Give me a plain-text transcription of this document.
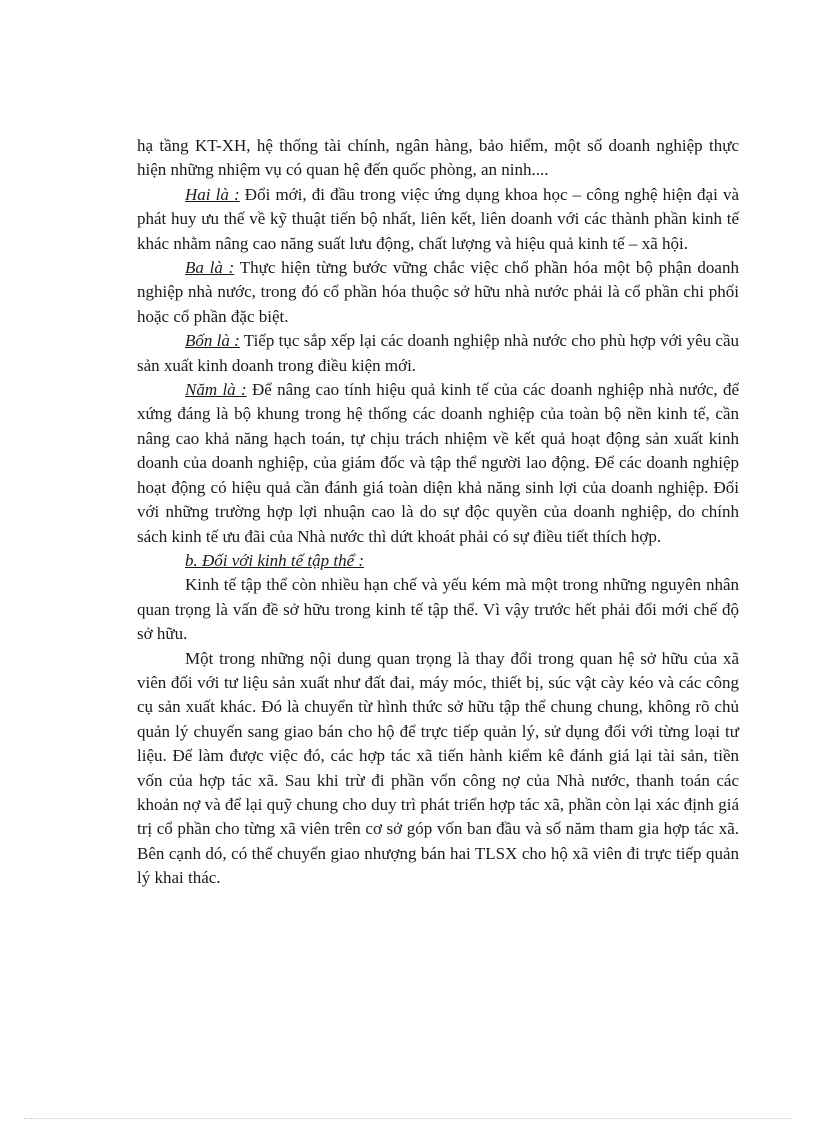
hạ tầng KT-XH, hệ thống tài chính, ngân hàng, bảo hiểm, một số doanh nghiệp thực hiện những nhiệm vụ có quan hệ đến quốc phòng, an ninh....

Hai là : Đổi mới, đi đầu trong việc ứng dụng khoa học – công nghệ hiện đại và phát huy ưu thế về kỹ thuật tiến bộ nhất, liên kết, liên doanh với các thành phần kinh tế khác nhằm nâng cao năng suất lưu động, chất lượng và hiệu quả kinh tế – xã hội.

Ba là : Thực hiện từng bước vững chắc việc chổ phần hóa một bộ phận doanh nghiệp nhà nước, trong đó cổ phần hóa thuộc sở hữu nhà nước phải là cổ phần chi phối hoặc cổ phần đặc biệt.

Bốn là : Tiếp tục sắp xếp lại các doanh nghiệp nhà nước cho phù hợp với yêu cầu sản xuất kinh doanh trong điều kiện mới.

Năm là : Để nâng cao tính hiệu quả kinh tế của các doanh nghiệp nhà nước, để xứng đáng là bộ khung trong hệ thống các doanh nghiệp của toàn bộ nền kinh tế, cần nâng cao khả năng hạch toán, tự chịu trách nhiệm về kết quả hoạt động sản xuất kinh doanh của doanh nghiệp, của giám đốc và tập thể người lao động. Để các doanh nghiệp hoạt động có hiệu quả cần đánh giá toàn diện khả năng sinh lợi của doanh nghiệp. Đối với những trường hợp lợi nhuận cao là do sự độc quyền của doanh nghiệp, do chính sách kinh tế ưu đãi của Nhà nước thì dứt khoát phải có sự điều tiết thích hợp.

b. Đối với kinh tế tập thể :

Kinh tế tập thể còn nhiều hạn chế và yếu kém mà một trong những nguyên nhân quan trọng là vấn đề sở hữu trong kinh tế tập thể. Vì vậy trước hết phải đổi mới chế độ sở hữu.

Một trong những nội dung quan trọng là thay đổi trong quan hệ sở hữu của xã viên đối với tư liệu sản xuất như đất đai, máy móc, thiết bị, súc vật cày kéo và các công cụ sản xuất khác. Đó là chuyển từ hình thức sở hữu tập thể chung chung, không rõ chủ quản lý chuyển sang giao bán cho hộ để trực tiếp quản lý, sử dụng đối với từng loại tư liệu. Để làm được việc đó, các hợp tác xã tiến hành kiểm kê đánh giá lại tài sản, tiền vốn của hợp tác xã. Sau khi trừ đi phần vốn công nợ của Nhà nước, thanh toán các khoản nợ và để lại quỹ chung cho duy trì phát triển hợp tác xã, phần còn lại xác định giá trị cổ phần cho từng xã viên trên cơ sở góp vốn ban đầu và số năm tham gia hợp tác xã. Bên cạnh dó, có thể chuyển giao nhượng bán hai TLSX cho hộ xã viên đi trực tiếp quản lý khai thác.
